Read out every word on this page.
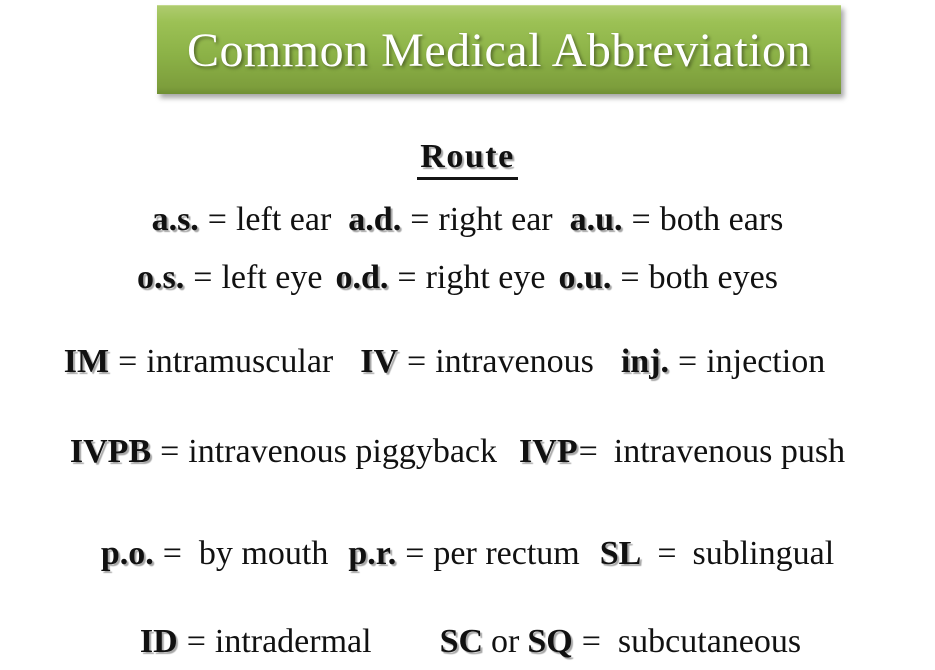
Common Medical Abbreviation
Route
a.s. = left ear a.d. = right ear a.u. = both ears
o.s. = left eye o.d. = right eye o.u. = both eyes
IM = intramuscular IV = intravenous inj. = injection
IVPB = intravenous piggyback IVP = intravenous push
p.o. = by mouth p.r. = per rectum SL = sublingual
ID = intradermal SC or SQ = subcutaneous
